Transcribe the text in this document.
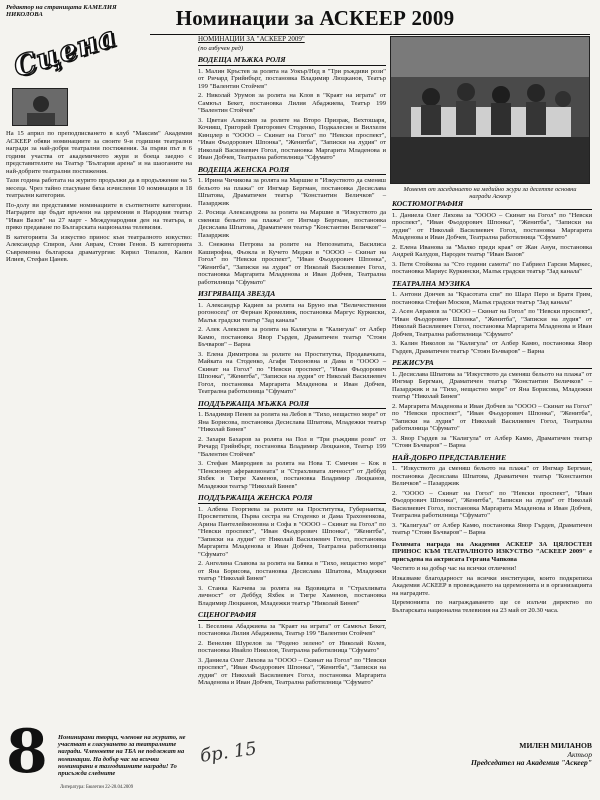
Редактор на страницата КАМЕЛИЯ НИКОЛОВА	Номинации за АСКЕЕР 2009
Сцена
Момент от заседанието на медийно жури за десетте основни награди Аскеер
На 15 април по преподписването в клуб "Максим" Академия АСКЕЕР обяви номинациите за своите 9-и годишни театрални награди за най-добри театрални постижения. За първи път в 6 години участва от академичното жури и боеца заедно с представителите на Театър "България арена" и на шаоганите на най-добрите театрални постижения.
Тази година работата на журито продължи да в продължение на 5 месеца. Чрез тайно гласуване бяха изчислени 10 номинации в 18 театрални категории.
По-долу ви представяме номинациите в съответните категории. Наградите ще бъдат връчени на церемония в Народния театър "Иван Вазов" на 27 март - Международния ден на театъра, в пряко предаване по Българската национална телевизия.
В категорията За изкуство принос към театралното изкуство: Александър Спиров, Ани Аврам, Стоян Генов. В категорията Съвременна българска драматургия: Кирил Топалов, Калин Илиев, Стефан Цанев.
НОМИНАЦИИ ЗА "АСКЕЕР 2009"
(по азбучен ред)
ВОДЕЩА МЪЖКА РОЛЯ
1. Малин Кръстев за ролята на Уокър/Нед в "Три ръждиви рози" от Ричард Грийнбърг, постановка Владимир Люцканов, Театър 199 "Валентин Стойчев"
2. Николай Урумов за ролята на Клов в "Краят на играта" от Самюъл Бекет, постановка Лилия Абаджиева, Театър 199 "Валентин Стойчев"
3. Цветан Алексиев за ролите на Второ Призрак, Вехтошаря, Кочияш, Григорий Григорович Стоденко, Подкалесин и Вилхелм Кинцлер в "ОООО – Скинат на Гогол" по "Невски проспект", "Иван Фьодорович Шпонка", "Женитба", "Записки на лудия" от Николай Василиевич Гогол, постановка Маргарита Младенова и Иван Добчев, Театрална работилница "Сфумато"
ВОДЕЩА ЖЕНСКА РОЛЯ
1. Ирина Чичикова за ролята на Маршие в "Изкуството да сменяш бельото на плажа" от Ингмар Бергман, постановка Десислава Шпатова, Драматичен театър "Константин Величков" – Пазарджик
2. Росица Александрова за ролята на Маршие в "Изкуството да сменяш бельото на плажа" от Ингмар Бергман, постановка Десислава Шпатова, Драматичен театър "Константин Величков" – Пазарджик
3. Снежина Петрова за ролите на Непознатата, Василиса Каширофна, Фьокла и Кучето Меджи в "ОООО – Скинат на Гогол" по "Невски проспект", "Иван Фьодорович Шпонка", "Женитба", "Записки на лудия" от Николай Василиевич Гогол, постановка Маргарита Младенова и Иван Добчев, Театрална работилница "Сфумато"
ИЗГРЯВАЩА ЗВЕЗДА
1. Александър Кадиев за ролята на Бруно във "Величествения рогоносец" от Фернан Кромелинк, постановка Маргус Куркиски, Малък градски театър "Зад канала"
2. Алек Алексиев за ролята на Калигула в "Калигула" от Албер Камю, постановка Явор Гърдев, Драматичен театър "Стоян Бъчваров" – Варна
3. Елена Димитрова за ролите на Проститутка, Продавачката, Майката на Стоденко, Агафя Тихоновна и Дама в "ОООО – Скинат на Гогол" по "Невски проспект", "Иван Фьодорович Шпонка", "Женитба", "Записки на лудия" от Николай Василиевич Гогол, постановка Маргарита Младенова и Иван Добчев, Театрална работилница "Сфумато"
ПОДДЪРЖАЩА МЪЖКА РОЛЯ
1. Владимир Пенев за ролята на Лебов в "Тихо, нещастно море" от Яна Борисова, постановка Десислава Шпатова, Младежки театър "Николай Бинев"
2. Захари Бахаров за ролята на Пол в "Три ръждиви рози" от Ричард Грийнбърг, постановка Владимир Люцканов, Театър 199 "Валентин Стойчев"
3. Стефан Мавродиев за ролята на Нова Т. Смичин – Кок в "Пенсионер аферавзионата" и "Страхливата личност" от Деббуд Яхбек и Тигре Хаменов, постановка Владимир Люцканов, Младежки театър "Николай Бинев"
ПОДДЪРЖАЩА ЖЕНСКА РОЛЯ
1. Албена Георгиева за ролите на Проститутка, Губернантка, Просветителя, Първа сестра на Стоденко и Дама Трахоненкова, Арина Пантелеймоновна и Софа в "ОООО – Скинат на Гогол" по "Невски проспект", "Иван Фьодорович Шпонка", "Женитба", "Записки на лудия" от Николай Василиевич Гогол, постановка Маргарита Младенова и Иван Добчев, Театрална работилница "Сфумато"
2. Ангелина Славова за ролята на Бявка в "Тихо, нещастно море" от Яна Борисова, постановка Десислава Шпатова, Младежки театър "Николай Бинев"
3. Станка Калчева за ролята на Вдовицата в "Страхливата личност" от Деббуд Яхбек и Тигре Хаменов, постановка Владимир Люцканов, Младежки театър "Николай Бинев"
СЦЕНОГРАФИЯ
1. Веселина Абаджиева за "Краят на играта" от Самюъл Бекет, постановка Лилия Абаджиева, Театър 199 "Валентин Стойчев"
2. Венелин Шурелов за "Родено зелено" от Николай Колев, постановка Ивайло Николов, Театрална работилница "Сфумато"
3. Даниела Олег Ляхова за "ОООО – Скинат на Гогол" по "Невски проспект", "Иван Фьодорович Шпонка", "Женитба", "Записки на лудия" от Николай Василиевич Гогол, постановка Маргарита Младенова и Иван Добчев, Театрална работилница "Сфумато"
КОСТЮМОГРАФИЯ
1. Даниела Олег Ляхова за "ОООО – Скинат на Гогол" по "Невски проспект", "Иван Фьодорович Шпонка", "Женитба", "Записки на лудия" от Николай Василиевич Гогол, постановка Маргарита Младенова и Иван Добчев, Театрална работилница "Сфумато"
2. Елена Иванова за "Малко преди края" от Жан Ануи, постановка Андрей Калудов, Народен театър "Иван Вазов"
3. Петя Стойкова за "Сто години самота" по Габриел Гарсия Маркес, постановка Мариус Куркински, Малък градски театър "Зад канала"
ТЕАТРАЛНА МУЗИКА
1. Антони Дончев за "Красотата спи" по Шарл Перо и Братя Грим, постановка Стефан Москов, Малък градски театър "Зад канала"
2. Асен Аврамов за "ОООО – Скинат на Гогол" по "Невски проспект", "Иван Фьодорович Шпонка", "Женитба", "Записки на лудия" от Николай Василиевич Гогол, постановка Маргарита Младенова и Иван Добчев, Театрална работилница "Сфумато"
3. Калин Николов за "Калигула" от Албер Камю, постановка Явор Гърдев, Драматичен театър "Стоян Бъчваров" – Варна
РЕЖИСУРА
1. Десислава Шпатова за "Изкуството да сменяш бельото на плажа" от Ингмар Бергман, Драматичен театър "Константин Величков" – Пазарджик и за "Тихо, нещастно море" от Яна Борисова, Младежки театър "Николай Бинев"
2. Маргарита Младенова и Иван Добчев за "ОООО – Скинат на Гогол" по "Невски проспект", "Иван Фьодорович Шпонка", "Женитба", "Записки на лудия" от Николай Василиевич Гогол, Театрална работилница "Сфумато"
3. Явор Гърдев за "Калигула" от Албер Камю, Драматичен театър "Стоян Бъчваров" – Варна
НАЙ-ДОБРО ПРЕДСТАВЛЕНИЕ
1. "Изкуството да сменяш бельото на плажа" от Ингмар Бергман, постановка Десислава Шпатова, Драматичен театър "Константин Величков" – Пазарджик
2. "ОООО – Скинат на Гогол" по "Невски проспект", "Иван Фьодорович Шпонка", "Женитба", "Записки на лудия" от Николай Василиевич Гогол, постановка Маргарита Младенова и Иван Добчев, Театрална работилница "Сфумато"
3. "Калигула" от Албер Камю, постановка Явор Гърдев, Драматичен театър "Стоян Бъчваров" – Варна
Голямата награда на Академия АСКЕЕР ЗА ЦЯЛОСТЕН ПРИНОС КЪМ ТЕАТРАЛНОТО ИЗКУСТВО "АСКЕЕР 2009" е присъдена на актрисата Гергана Чапкова
Честито и на добър час на всички отличени!
Изказваме благодарност на всички институции, които подкрепиха Академия АСКЕЕР в провеждането на церемонията и в организацията на наградите.
Церемонията по награждаването ще се излъчи директно по Българската национална телевизия на 23 май от 20.30 часа.
МИЛЕН МИЛАНОВ
Актьор
Председател на Академия "Аскеер"
8 Номинирани творци, членове на журито, не участват в гласуването за театралните награди. Членовете на ТБА не подлежат на номинации. На добър час на всички номинирани в тазгодишните награди! То присъжда следните
бр. 15
Литература: Бюлетин 22-28.04.2009
